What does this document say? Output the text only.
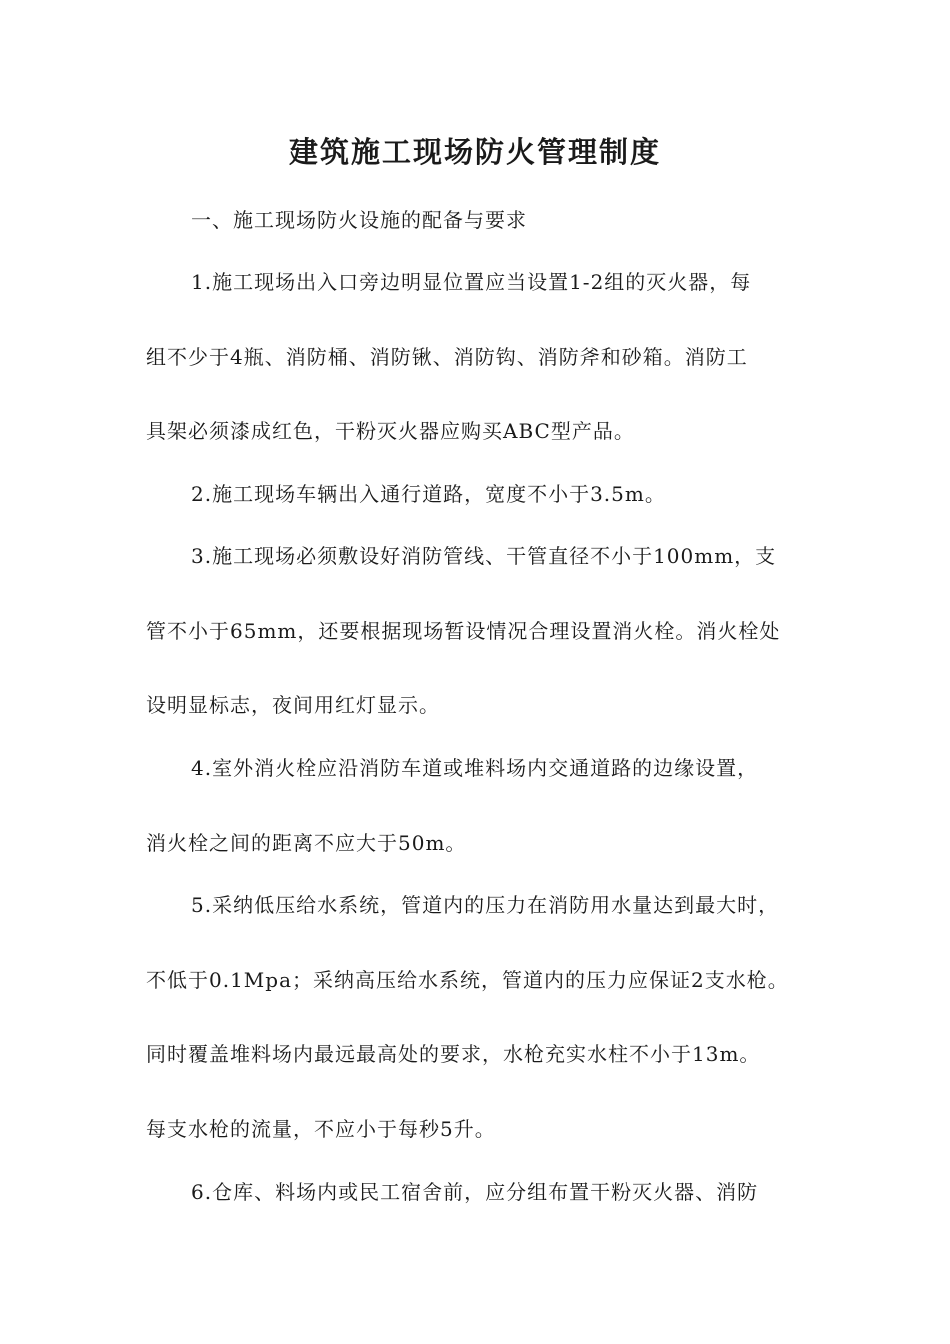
建筑施工现场防火管理制度
一、施工现场防火设施的配备与要求
1.施工现场出入口旁边明显位置应当设置1-2组的灭火器，每
组不少于4瓶、消防桶、消防锹、消防钩、消防斧和砂箱。消防工
具架必须漆成红色，干粉灭火器应购买ABC型产品。
2.施工现场车辆出入通行道路，宽度不小于3.5m。
3.施工现场必须敷设好消防管线、干管直径不小于100mm，支
管不小于65mm，还要根据现场暂设情况合理设置消火栓。消火栓处
设明显标志，夜间用红灯显示。
4.室外消火栓应沿消防车道或堆料场内交通道路的边缘设置，
消火栓之间的距离不应大于50m。
5.采纳低压给水系统，管道内的压力在消防用水量达到最大时，
不低于0.1Mpa；采纳高压给水系统，管道内的压力应保证2支水枪。
同时覆盖堆料场内最远最高处的要求，水枪充实水柱不小于13m。
每支水枪的流量，不应小于每秒5升。
6.仓库、料场内或民工宿舍前，应分组布置干粉灭火器、消防
